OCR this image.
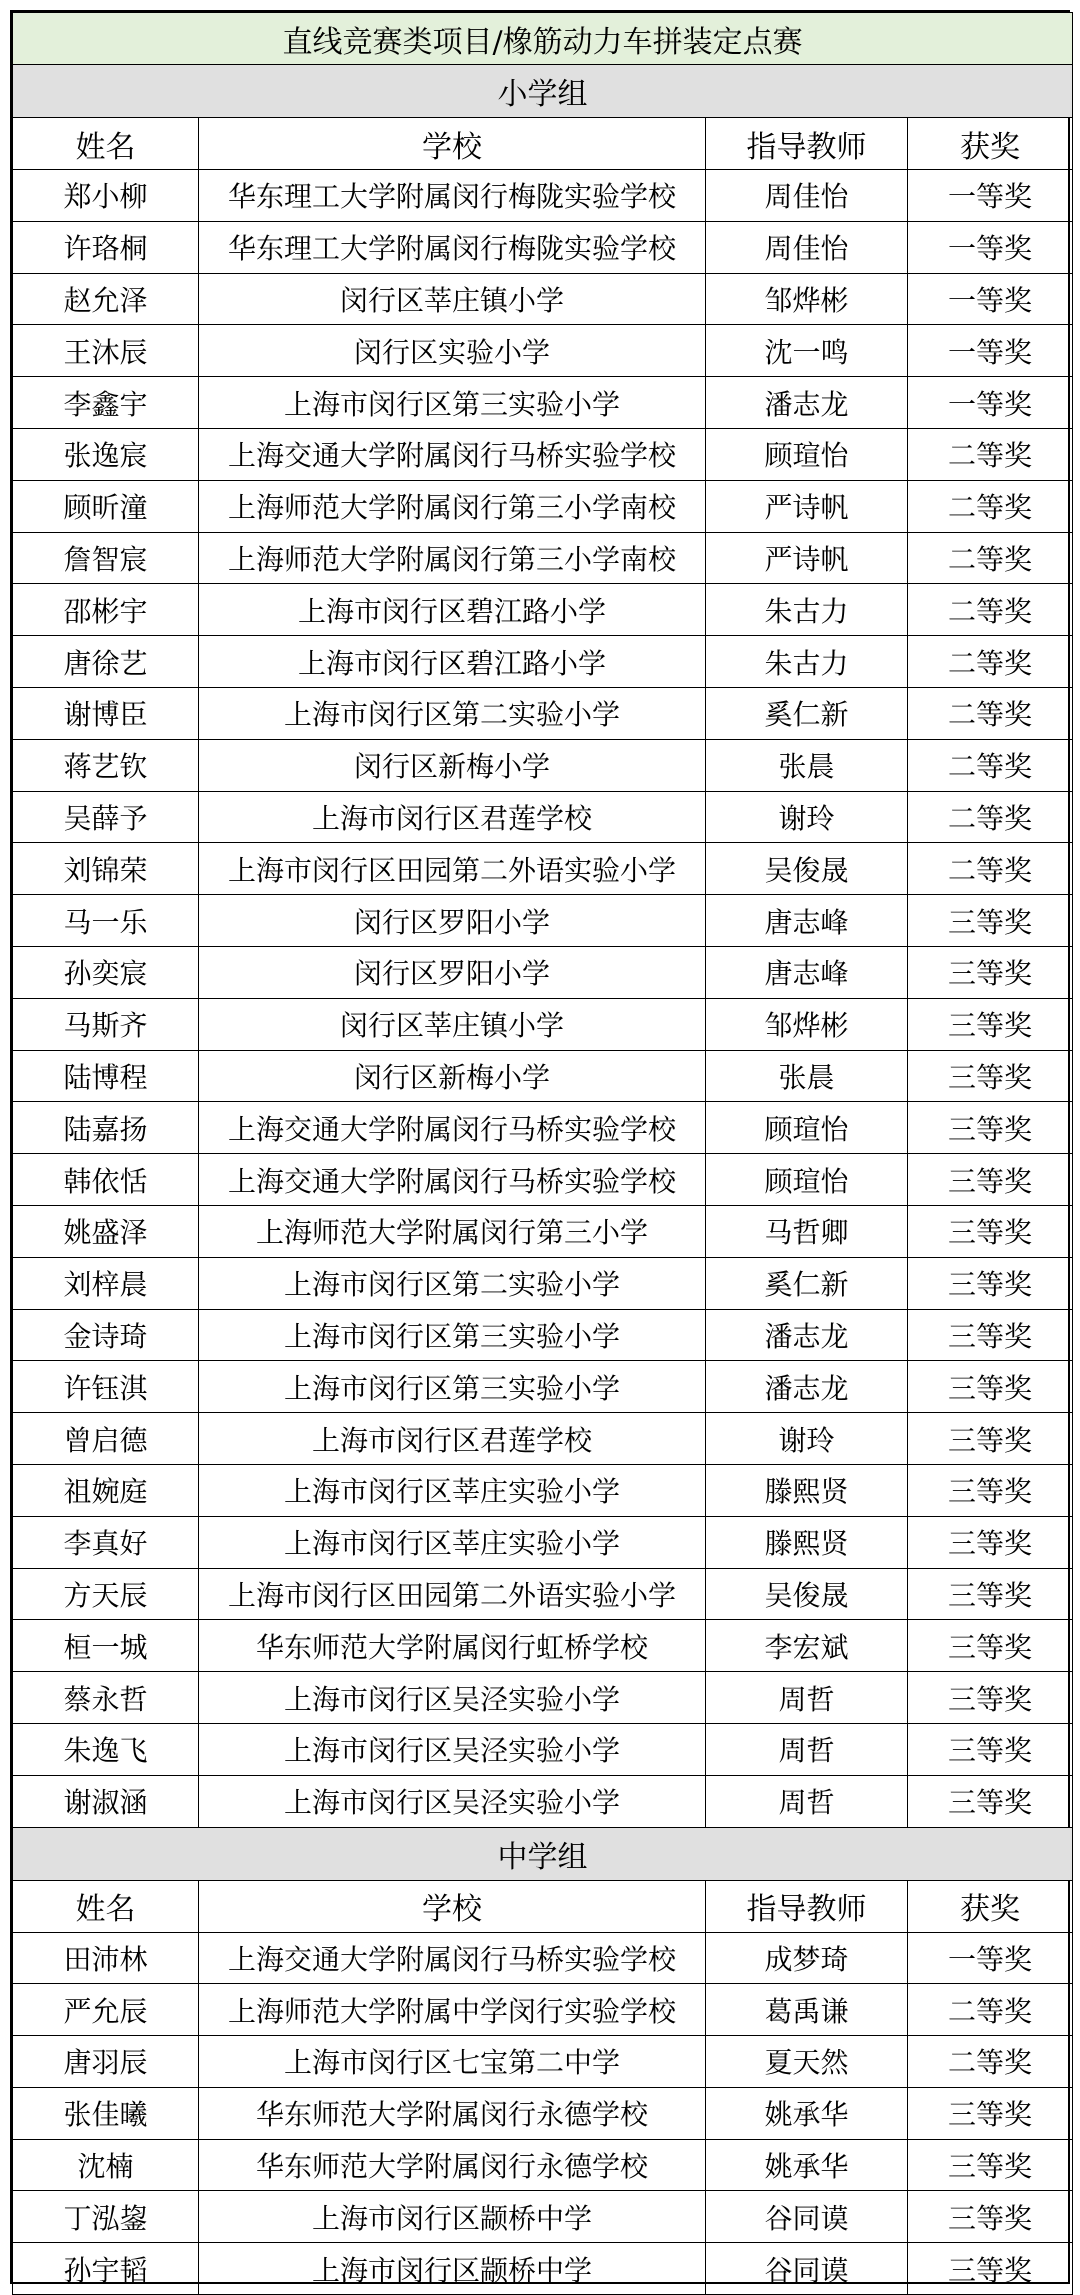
直线竞赛类项目/橡筋动力车拼装定点赛			
小学组			
姓名	学校	指导教师	获奖
郑小柳	华东理工大学附属闵行梅陇实验学校	周佳怡	一等奖
许珞桐	华东理工大学附属闵行梅陇实验学校	周佳怡	一等奖
赵允泽	闵行区莘庄镇小学	邹烨彬	一等奖
王沐辰	闵行区实验小学	沈一鸣	一等奖
李鑫宇	上海市闵行区第三实验小学	潘志龙	一等奖
张逸宸	上海交通大学附属闵行马桥实验学校	顾瑄怡	二等奖
顾昕潼	上海师范大学附属闵行第三小学南校	严诗帆	二等奖
詹智宸	上海师范大学附属闵行第三小学南校	严诗帆	二等奖
邵彬宇	上海市闵行区碧江路小学	朱古力	二等奖
唐徐艺	上海市闵行区碧江路小学	朱古力	二等奖
谢博臣	上海市闵行区第二实验小学	奚仁新	二等奖
蒋艺钦	闵行区新梅小学	张晨	二等奖
吴薛予	上海市闵行区君莲学校	谢玲	二等奖
刘锦荣	上海市闵行区田园第二外语实验小学	吴俊晟	二等奖
马一乐	闵行区罗阳小学	唐志峰	三等奖
孙奕宸	闵行区罗阳小学	唐志峰	三等奖
马斯齐	闵行区莘庄镇小学	邹烨彬	三等奖
陆博程	闵行区新梅小学	张晨	三等奖
陆嘉扬	上海交通大学附属闵行马桥实验学校	顾瑄怡	三等奖
韩依恬	上海交通大学附属闵行马桥实验学校	顾瑄怡	三等奖
姚盛泽	上海师范大学附属闵行第三小学	马哲卿	三等奖
刘梓晨	上海市闵行区第二实验小学	奚仁新	三等奖
金诗琦	上海市闵行区第三实验小学	潘志龙	三等奖
许钰淇	上海市闵行区第三实验小学	潘志龙	三等奖
曾启德	上海市闵行区君莲学校	谢玲	三等奖
祖婉庭	上海市闵行区莘庄实验小学	滕熙贤	三等奖
李真好	上海市闵行区莘庄实验小学	滕熙贤	三等奖
方天辰	上海市闵行区田园第二外语实验小学	吴俊晟	三等奖
桓一城	华东师范大学附属闵行虹桥学校	李宏斌	三等奖
蔡永哲	上海市闵行区吴泾实验小学	周哲	三等奖
朱逸飞	上海市闵行区吴泾实验小学	周哲	三等奖
谢淑涵	上海市闵行区吴泾实验小学	周哲	三等奖
中学组			
姓名	学校	指导教师	获奖
田沛林	上海交通大学附属闵行马桥实验学校	成梦琦	一等奖
严允辰	上海师范大学附属中学闵行实验学校	葛禹谦	二等奖
唐羽辰	上海市闵行区七宝第二中学	夏天然	二等奖
张佳曦	华东师范大学附属闵行永德学校	姚承华	三等奖
沈楠	华东师范大学附属闵行永德学校	姚承华	三等奖
丁泓鋆	上海市闵行区颛桥中学	谷同谟	三等奖
孙宇韬	上海市闵行区颛桥中学	谷同谟	三等奖
